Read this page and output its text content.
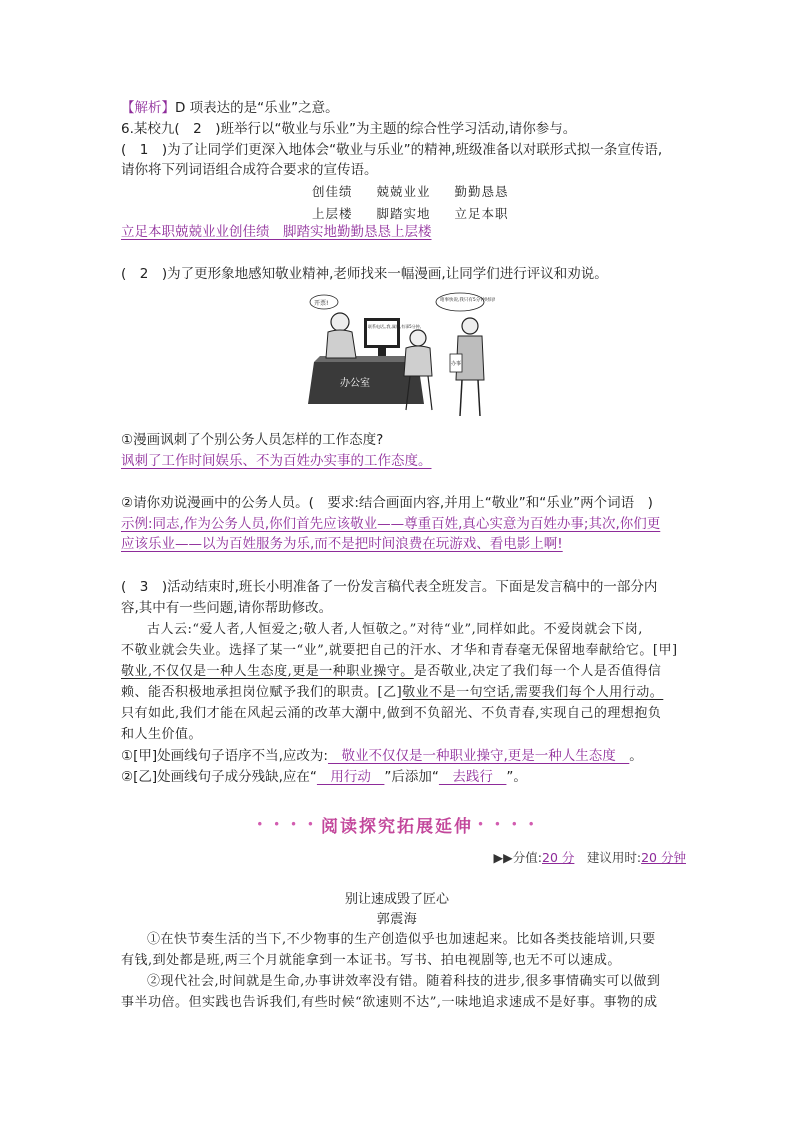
【解析】D 项表达的是“乐业”之意。
6.某校九(　2　)班举行以“敬业与乐业”为主题的综合性学习活动,请你参与。
(　1　)为了让同学们更深入地体会“敬业与乐业”的精神,班级准备以对联形式拟一条宣传语,
请你将下列词语组合成符合要求的宣传语。
创佳绩 兢兢业业 勤勤恳恳
上层楼 脚踏实地 立足本职
立足本职兢兢业业创佳绩　脚踏实地勤勤恳恳上层楼
(　2　)为了更形象地感知敬业精神,老师找来一幅漫画,让同学们进行评议和劝说。
办公室
联系电话,,我,属别,有事5分钟,
开票!
办事
咱事快说,我只有5分钟时间!
①漫画讽刺了个别公务人员怎样的工作态度?
讽刺了工作时间娱乐、不为百姓办实事的工作态度。
②请你劝说漫画中的公务人员。(　要求:结合画面内容,并用上“敬业”和“乐业”两个词语　)
示例:同志,作为公务人员,你们首先应该敬业——尊重百姓,真心实意为百姓办事;其次,你们更
应该乐业——以为百姓服务为乐,而不是把时间浪费在玩游戏、看电影上啊!
(　3　)活动结束时,班长小明准备了一份发言稿代表全班发言。下面是发言稿中的一部分内
容,其中有一些问题,请你帮助修改。
古人云:“爱人者,人恒爱之;敬人者,人恒敬之。”对待“业”,同样如此。不爱岗就会下岗,
不敬业就会失业。选择了某一“业”,就要把自己的汗水、才华和青春毫无保留地奉献给它。[甲]
敬业,不仅仅是一种人生态度,更是一种职业操守。是否敬业,决定了我们每一个人是否值得信
赖、能否积极地承担岗位赋予我们的职责。[乙]敬业不是一句空话,需要我们每个人用行动。
只有如此,我们才能在风起云涌的改革大潮中,做到不负韶光、不负青春,实现自己的理想抱负
和人生价值。
①[甲]处画线句子语序不当,应改为:　敬业不仅仅是一种职业操守,更是一种人生态度　。
②[乙]处画线句子成分残缺,应在“　用行动　”后添加“　去践行　”。
• • • • 阅读探究拓展延伸 • • • •
▶▶分值:20 分　建议用时:20 分钟
别让速成毁了匠心
郭震海
①在快节奏生活的当下,不少物事的生产创造似乎也加速起来。比如各类技能培训,只要
有钱,到处都是班,两三个月就能拿到一本证书。写书、拍电视剧等,也无不可以速成。
②现代社会,时间就是生命,办事讲效率没有错。随着科技的进步,很多事情确实可以做到
事半功倍。但实践也告诉我们,有些时候“欲速则不达”,一味地追求速成不是好事。事物的成
